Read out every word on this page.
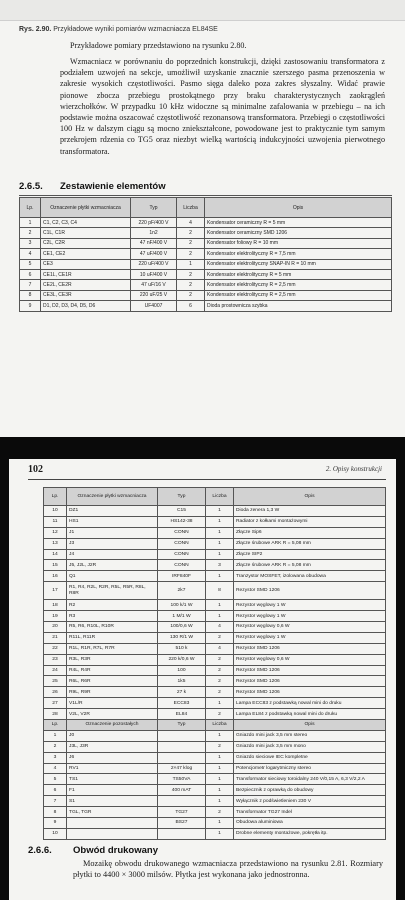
Rys. 2.90. Przykładowe wyniki pomiarów wzmacniacza EL84SE

Przykładowe pomiary przedstawiono na rysunku 2.80.

Wzmacniacz w porównaniu do poprzednich konstrukcji, dzięki zastosowaniu transformatora z podziałem uzwojeń na sekcje, umożliwił uzyskanie znacznie szerszego pasma przenoszenia w zakresie wysokich częstotliwości. Pasmo sięga daleko poza zakres słyszalny. Widać prawie pionowe zbocza przebiegu prostokątnego przy braku charakterystycznych zaokrągleń wierzchołków. W przypadku 10 kHz widoczne są minimalne zafalowania w przebiegu – na ich podstawie można oszacować częstotliwość rezonansową transformatora. Przebiegi o częstotliwości 100 Hz w dalszym ciągu są mocno zniekształcone, powodowane jest to praktycznie tym samym przekrojem rdzenia co TG5 oraz niezbyt wielką wartością indukcyjności uzwojenia pierwotnego transformatora.

2.6.5. Zestawienie elementów
Lp.	Oznaczenie płytki wzmacniacza	Typ	Liczba	Opis
1	C1, C2, C3, C4	220 pF/400 V	4	Kondensator ceramiczny R = 5 mm
2	C1L, C1R	1n2	2	Kondensator ceramiczny SMD 1206
3	C2L, C2R	47 nF/400 V	2	Kondensator foliowy R = 10 mm
4	CE1, CE2	47 uF/400 V	2	Kondensator elektrolityczny R = 7,5 mm
5	CE3	220 uF/400 V	1	Kondensator elektrolityczny SNAP-IN R = 10 mm
6	CE1L, CE1R	10 uF/400 V	2	Kondensator elektrolityczny R = 5 mm
7	CE2L, CE2R	47 uF/16 V	2	Kondensator elektrolityczny R = 2,5 mm
8	CE3L, CE3R	220 uF/25 V	2	Kondensator elektrolityczny R = 2,5 mm
9	D1, D2, D3, D4, D5, D6	UF4007	6	Dioda prostownicza szybka
102	2. Opisy konstrukcji
Lp.	Oznaczenie płytki wzmacniacza	Typ	Liczba	Opis
10	DZ1	C15	1	Dioda zenera 1,3 W
11	HS1	HS142-38	1	Radiator z kołkami montażowymi
12	J1	CONN	1	Złącze Sip6
13	J3	CONN	1	Złącze śrubowe ARK R = 5,08 mm
14	J4	CONN	1	Złącze SIP2
15	J5, J2L, J2R	CONN	3	Złącze śrubowe ARK R = 5,08 mm
16	Q1	IRF840F	1	Tranzystor MOSFET, izolowana obudowa
17	R1, R4, R2L, R2R, R5L, R5R, R8L, R8R	2k7	8	Rezystor SMD 1206
18	R2	100 k/1 W	1	Rezystor węglowy 1 W
19	R3	1 M/1 W	1	Rezystor węglowy 1 W
20	R5, R6, R10L, R10R	100/0,6 W	4	Rezystor węglowy 0,6 W
21	R11L, R11R	130 R/1 W	2	Rezystor węglowy 1 W
22	R1L, R1R, R7L, R7R	510 k	4	Rezystor SMD 1206
23	R3L, R3R	220 k/0,6 W	2	Rezystor węglowy 0,6 W
24	R4L, R4R	100	2	Rezystor SMD 1206
25	R6L, R6R	1k5	2	Rezystor SMD 1206
26	R9L, R9R	27 k	2	Rezystor SMD 1206
27	V1L/R	ECC83	1	Lampa ECC83 z podstawką nowal mini do druku
28	V2L, V2R	EL84	2	Lampa EL84 z podstawką nowal mini do druku
Lp.	Oznaczenie pozostałych	Typ	Liczba	Opis
1	J0		1	Gniazdo mini jack 3,5 mm stereo
2	J3L, J3R		2	Gniazdo mini jack 3,5 mm mono
3	J6		1	Gniazdo sieciowe IEC kompletne
4	RV1	2×47 klog	1	Potencjometr logarytmiczny stereo
5	TS1	TS50VA	1	Transformator sieciowy toroidalny 240 V/0,15 A, 6,3 V/2,2 A
6	F1	400 mAT	1	Bezpiecznik z oprawką do obudowy
7	S1		1	Wyłącznik z podświetleniem 230 V
8	TGL, TGR	TG27	2	Transformator TG27 Indel
9		BS27	1	Obudowa aluminiowa
10			1	Drobne elementy montażowe, pokrętła itp.
2.6.6. Obwód drukowany

Mozaikę obwodu drukowanego wzmacniacza przedstawiono na rysunku 2.81. Rozmiary płytki to 4400 × 3000 milsów. Płytka jest wykonana jako jednostronna.
